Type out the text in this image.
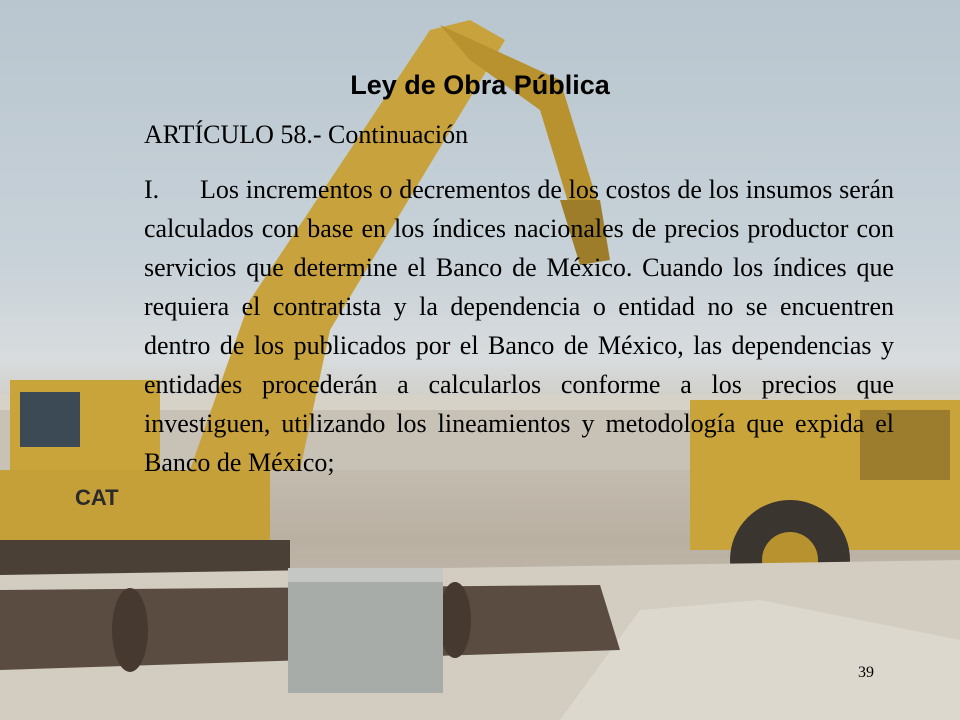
CAT
Ley de Obra Pública
ARTÍCULO 58.- Continuación
I. Los incrementos o decrementos de los costos de los insumos serán calculados con base en los índices nacionales de precios productor con servicios que determine el Banco de México. Cuando los índices que requiera el contratista y la dependencia o entidad no se encuentren dentro de los publicados por el Banco de México, las dependencias y entidades procederán a calcularlos conforme a los precios que investiguen, utilizando los lineamientos y metodología que expida el Banco de México;
39
